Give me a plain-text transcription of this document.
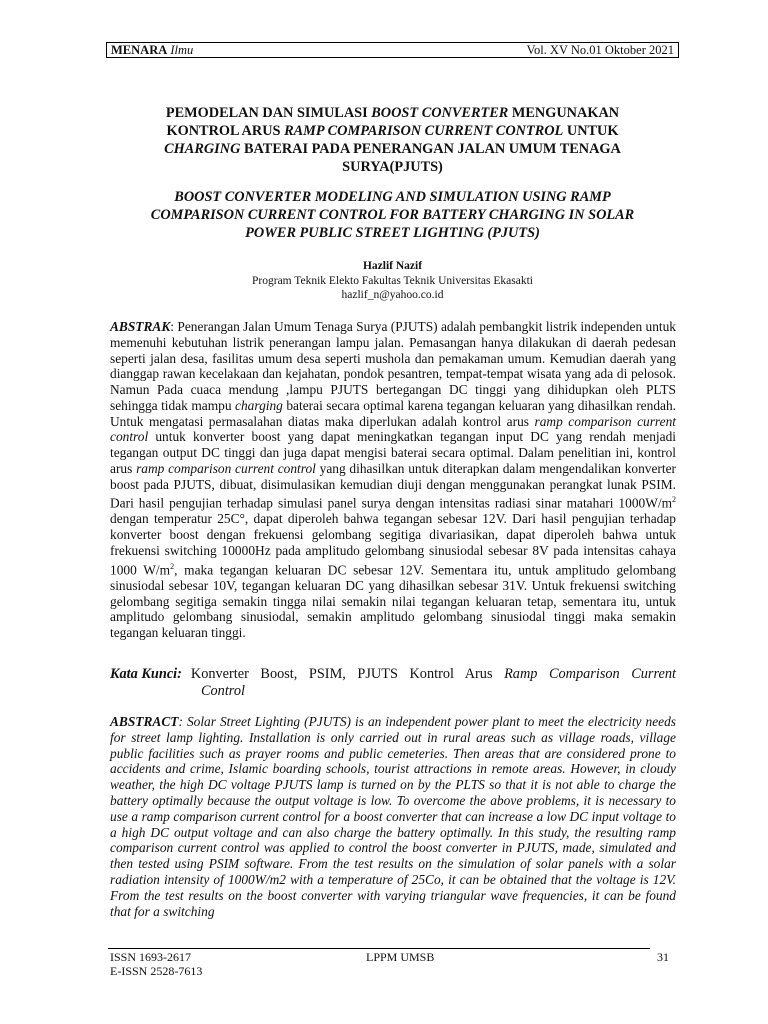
MENARA Ilmu	Vol. XV No.01 Oktober 2021
PEMODELAN DAN SIMULASI BOOST CONVERTER MENGUNAKAN
KONTROL ARUS RAMP COMPARISON CURRENT CONTROL UNTUK
CHARGING BATERAI PADA PENERANGAN JALAN UMUM TENAGA
SURYA(PJUTS)
BOOST CONVERTER MODELING AND SIMULATION USING RAMP
COMPARISON CURRENT CONTROL FOR BATTERY CHARGING IN SOLAR
POWER PUBLIC STREET LIGHTING (PJUTS)
Hazlif Nazif
Program Teknik Elekto Fakultas Teknik Universitas Ekasakti
hazlif_n@yahoo.co.id

ABSTRAK: Penerangan Jalan Umum Tenaga Surya (PJUTS) adalah pembangkit listrik independen untuk memenuhi kebutuhan listrik penerangan lampu jalan. Pemasangan hanya dilakukan di daerah pedesan seperti jalan desa, fasilitas umum desa seperti mushola dan pemakaman umum. Kemudian daerah yang dianggap rawan kecelakaan dan kejahatan, pondok pesantren, tempat-tempat wisata yang ada di pelosok. Namun Pada cuaca mendung ,lampu PJUTS bertegangan DC tinggi yang dihidupkan oleh PLTS sehingga tidak mampu charging baterai secara optimal karena tegangan keluaran yang dihasilkan rendah. Untuk mengatasi permasalahan diatas maka diperlukan adalah kontrol arus ramp comparison current control untuk konverter boost yang dapat meningkatkan tegangan input DC yang rendah menjadi tegangan output DC tinggi dan juga dapat mengisi baterai secara optimal. Dalam penelitian ini, kontrol arus ramp comparison current control yang dihasilkan untuk diterapkan dalam mengendalikan konverter boost pada PJUTS, dibuat, disimulasikan kemudian diuji dengan menggunakan perangkat lunak PSIM. Dari hasil pengujian terhadap simulasi panel surya dengan intensitas radiasi sinar matahari $1000W/m^2$ dengan temperatur 25C°, dapat diperoleh bahwa tegangan sebesar 12V. Dari hasil pengujian terhadap konverter boost dengan frekuensi gelombang segitiga divariasikan, dapat diperoleh bahwa untuk frekuensi switching 10000Hz pada amplitudo gelombang sinusiodal sebesar 8V pada intensitas cahaya 1000 $W/m^2$, maka tegangan keluaran DC sebesar 12V. Sementara itu, untuk amplitudo gelombang sinusiodal sebesar 10V, tegangan keluaran DC yang dihasilkan sebesar 31V. Untuk frekuensi switching gelombang segitiga semakin tingga nilai semakin nilai tegangan keluaran tetap, sementara itu, untuk amplitudo gelombang sinusiodal, semakin amplitudo gelombang sinusiodal tinggi maka semakin tegangan keluaran tinggi.

Kata Kunci: Konverter Boost, PSIM, PJUTS Kontrol Arus Ramp Comparison Current
Control

ABSTRACT: Solar Street Lighting (PJUTS) is an independent power plant to meet the electricity needs for street lamp lighting. Installation is only carried out in rural areas such as village roads, village public facilities such as prayer rooms and public cemeteries. Then areas that are considered prone to accidents and crime, Islamic boarding schools, tourist attractions in remote areas. However, in cloudy weather, the high DC voltage PJUTS lamp is turned on by the PLTS so that it is not able to charge the battery optimally because the output voltage is low. To overcome the above problems, it is necessary to use a ramp comparison current control for a boost converter that can increase a low DC input voltage to a high DC output voltage and can also charge the battery optimally. In this study, the resulting ramp comparison current control was applied to control the boost converter in PJUTS, made, simulated and then tested using PSIM software. From the test results on the simulation of solar panels with a solar radiation intensity of 1000W/m2 with a temperature of 25Co, it can be obtained that the voltage is 12V. From the test results on the boost converter with varying triangular wave frequencies, it can be found that for a switching

ISSN 1693-2617
E-ISSN 2528-7613
LPPM UMSB	31
